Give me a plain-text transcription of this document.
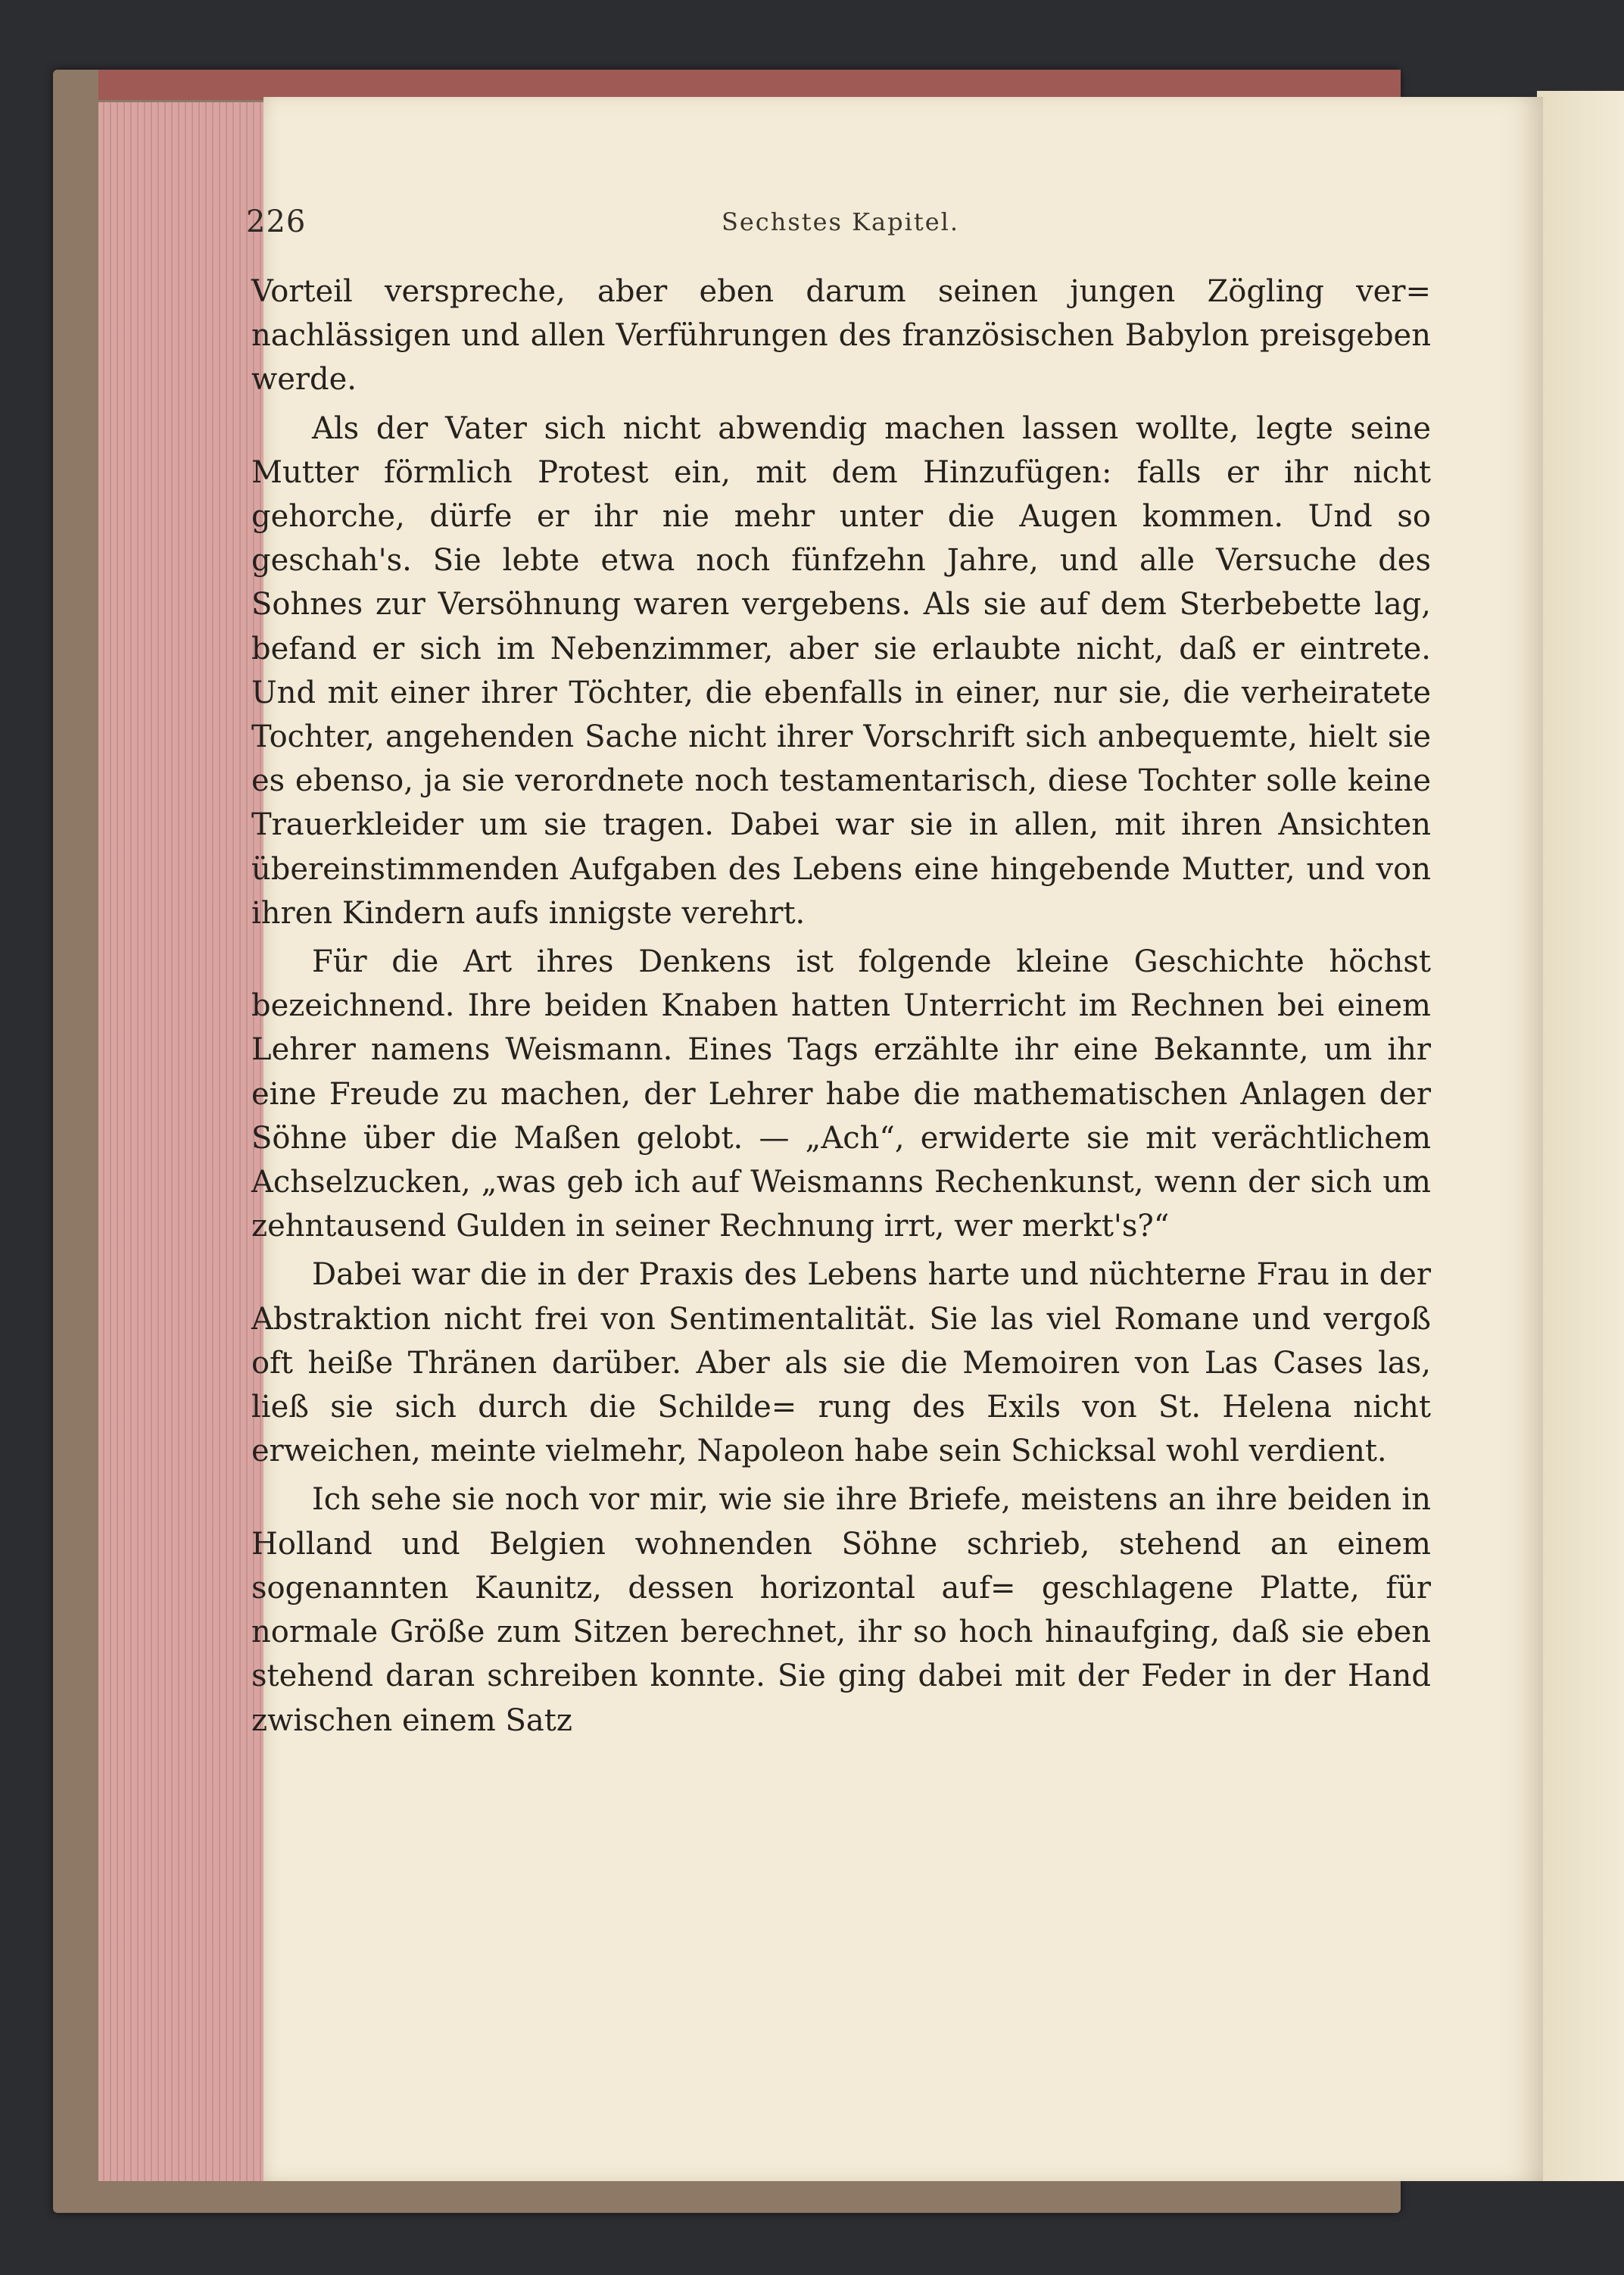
226	Sechstes Kapitel.

Vorteil verspreche, aber eben darum seinen jungen Zögling ver= nachlässigen und allen Verführungen des französischen Babylon preisgeben werde.

Als der Vater sich nicht abwendig machen lassen wollte, legte seine Mutter förmlich Protest ein, mit dem Hinzufügen: falls er ihr nicht gehorche, dürfe er ihr nie mehr unter die Augen kommen. Und so geschah's. Sie lebte etwa noch fünfzehn Jahre, und alle Versuche des Sohnes zur Versöhnung waren vergebens. Als sie auf dem Sterbebette lag, befand er sich im Nebenzimmer, aber sie erlaubte nicht, daß er eintrete. Und mit einer ihrer Töchter, die ebenfalls in einer, nur sie, die verheiratete Tochter, angehenden Sache nicht ihrer Vorschrift sich anbequemte, hielt sie es ebenso, ja sie verordnete noch testamentarisch, diese Tochter solle keine Trauerkleider um sie tragen. Dabei war sie in allen, mit ihren Ansichten übereinstimmenden Aufgaben des Lebens eine hingebende Mutter, und von ihren Kindern aufs innigste verehrt.

Für die Art ihres Denkens ist folgende kleine Geschichte höchst bezeichnend. Ihre beiden Knaben hatten Unterricht im Rechnen bei einem Lehrer namens Weismann. Eines Tags erzählte ihr eine Bekannte, um ihr eine Freude zu machen, der Lehrer habe die mathematischen Anlagen der Söhne über die Maßen gelobt. — „Ach“, erwiderte sie mit verächtlichem Achselzucken, „was geb ich auf Weismanns Rechenkunst, wenn der sich um zehntausend Gulden in seiner Rechnung irrt, wer merkt's?“

Dabei war die in der Praxis des Lebens harte und nüchterne Frau in der Abstraktion nicht frei von Sentimentalität. Sie las viel Romane und vergoß oft heiße Thränen darüber. Aber als sie die Memoiren von Las Cases las, ließ sie sich durch die Schilde= rung des Exils von St. Helena nicht erweichen, meinte vielmehr, Napoleon habe sein Schicksal wohl verdient.

Ich sehe sie noch vor mir, wie sie ihre Briefe, meistens an ihre beiden in Holland und Belgien wohnenden Söhne schrieb, stehend an einem sogenannten Kaunitz, dessen horizontal auf= geschlagene Platte, für normale Größe zum Sitzen berechnet, ihr so hoch hinaufging, daß sie eben stehend daran schreiben konnte. Sie ging dabei mit der Feder in der Hand zwischen einem Satz
